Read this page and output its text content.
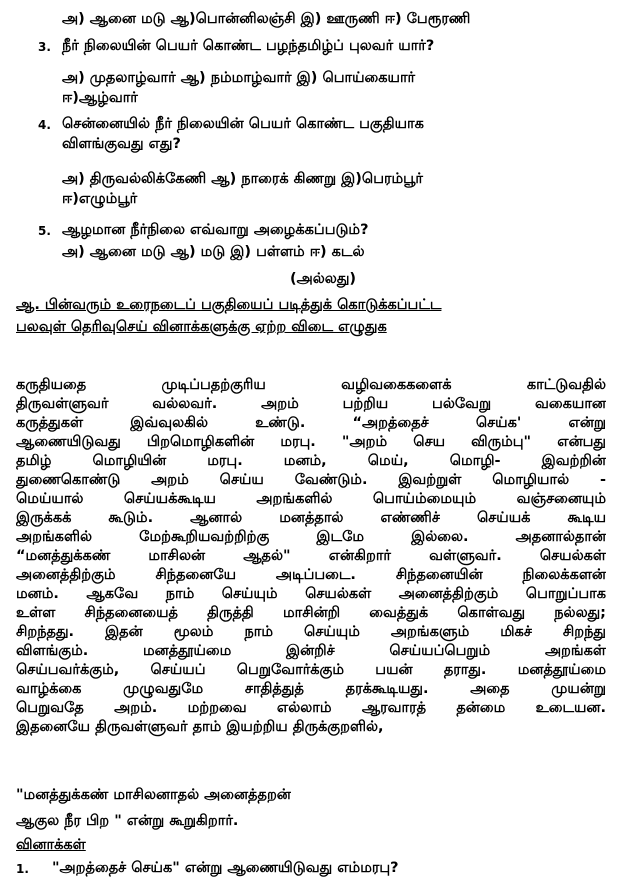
அ) ஆனை மடு ஆ)பொன்னிலஞ்சி இ) ஊருணி ஈ) பேரூரணி
3. நீர் நிலையின் பெயர் கொண்ட பழந்தமிழ்ப் புலவர் யார்?
அ) முதலாழ்வார் ஆ) நம்மாழ்வார் இ) பொய்கையார்
ஈ)ஆழ்வார்
4. சென்னையில் நீர் நிலையின் பெயர் கொண்ட பகுதியாக
விளங்குவது எது?
அ) திருவல்லிக்கேணி ஆ) நாரைக் கிணறு இ)பெரம்பூர்
ஈ)எழும்பூர்
5. ஆழமான நீர்நிலை எவ்வாறு அழைக்கப்படும்?
அ) ஆனை மடு ஆ) மடு இ) பள்ளம் ஈ) கடல்
(அல்லது)
ஆ. பின்வரும் உரைநடைப் பகுதியைப் படித்துக் கொடுக்கப்பட்ட
பலவுள் தெரிவுசெய் வினாக்களுக்கு ஏற்ற விடை எழுதுக
கருதியதை முடிப்பதற்குரிய வழிவகைகளைக் காட்டுவதில்
திருவள்ளுவர் வல்லவர். அறம் பற்றிய பல்வேறு வகையான
கருத்துகள் இவ்வுலகில் உண்டு. “அறத்தைச் செய்க' என்று
ஆணையிடுவது பிறமொழிகளின் மரபு. "அறம் செய விரும்பு" என்பது
தமிழ் மொழியின் மரபு. மனம், மெய், மொழி- இவற்றின்
துணைகொண்டு அறம் செய்ய வேண்டும். இவற்றுள் மொழியால் -
மெய்யால் செய்யக்கூடிய அறங்களில் பொய்ம்மையும் வஞ்சனையும்
இருக்கக் கூடும். ஆனால் மனத்தால் எண்ணிச் செய்யக் கூடிய
அறங்களில் மேற்கூறியவற்றிற்கு இடமே இல்லை. அதனால்தான்
“மனத்துக்கண் மாசிலன் ஆதல்" என்கிறார் வள்ளுவர். செயல்கள்
அனைத்திற்கும் சிந்தனையே அடிப்படை. சிந்தனையின் நிலைக்களன்
மனம். ஆகவே நாம் செய்யும் செயல்கள் அனைத்திற்கும் பொறுப்பாக
உள்ள சிந்தனையைத் திருத்தி மாசின்றி வைத்துக் கொள்வது நல்லது;
சிறந்தது. இதன் மூலம் நாம் செய்யும் அறங்களும் மிகச் சிறந்து
விளங்கும். மனத்தூய்மை இன்றிச் செய்யப்பெறும் அறங்கள்
செய்பவர்க்கும், செய்யப் பெறுவோர்க்கும் பயன் தராது. மனத்தூய்மை
வாழ்க்கை முழுவதுமே சாதித்துத் தரக்கூடியது. அதை முயன்று
பெறுவதே அறம். மற்றவை எல்லாம் ஆரவாரத் தன்மை உடையன.
இதனையே திருவள்ளுவர் தாம் இயற்றிய திருக்குறளில்,
"மனத்துக்கண் மாசிலனாதல் அனைத்தறன்
ஆகுல நீர பிற " என்று கூறுகிறார்.
வினாக்கள்
1. "அறத்தைச் செய்க" என்று ஆணையிடுவது எம்மரபு?
